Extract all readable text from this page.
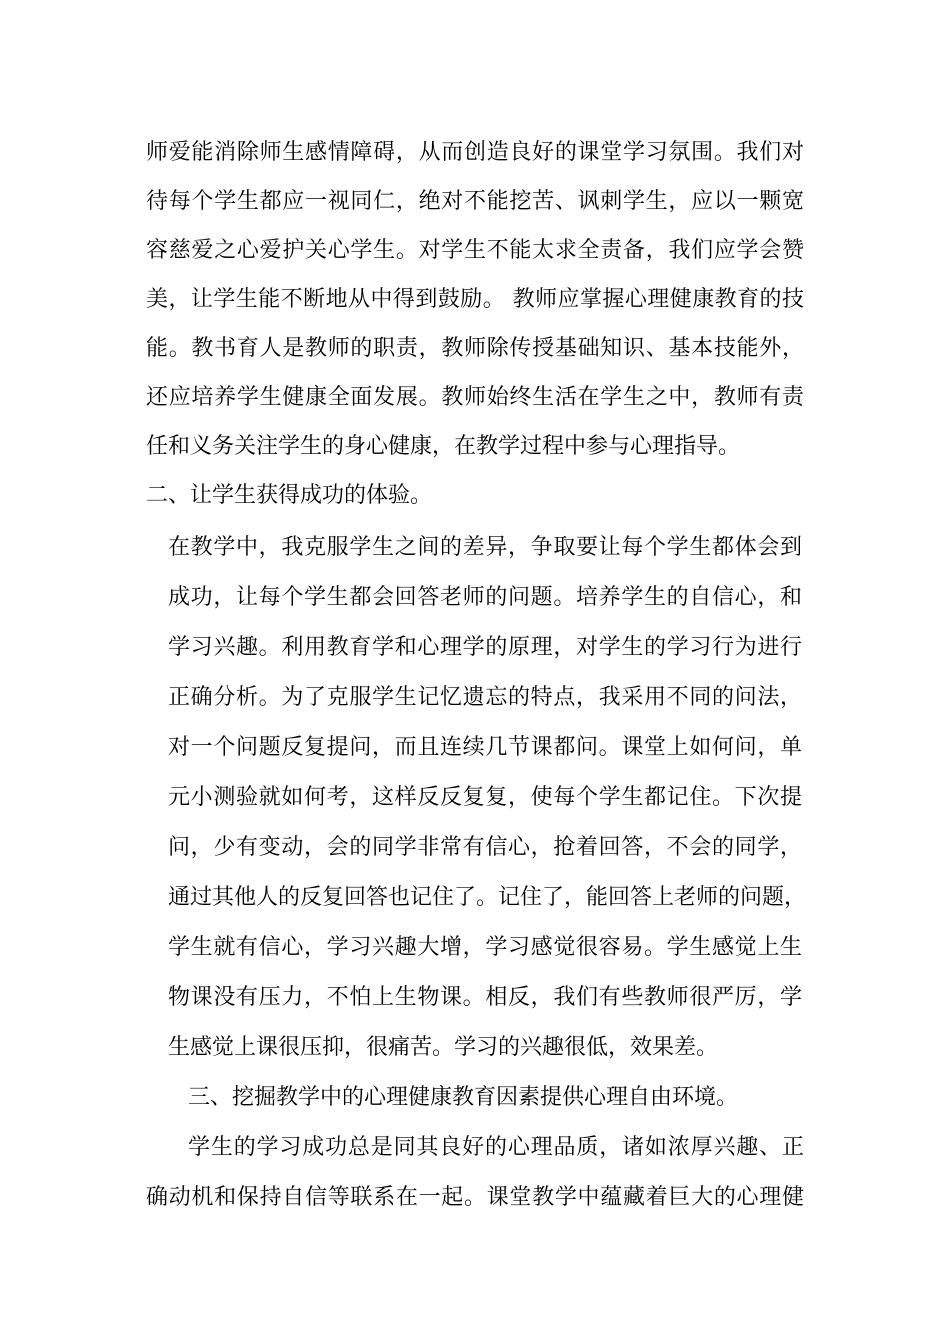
师爱能消除师生感情障碍，从而创造良好的课堂学习氛围。我们对
待每个学生都应一视同仁，绝对不能挖苦、讽刺学生，应以一颗宽
容慈爱之心爱护关心学生。对学生不能太求全责备，我们应学会赞
美，让学生能不断地从中得到鼓励。 教师应掌握心理健康教育的技
能。教书育人是教师的职责，教师除传授基础知识、基本技能外，
还应培养学生健康全面发展。教师始终生活在学生之中，教师有责
任和义务关注学生的身心健康，在教学过程中参与心理指导。
二、让学生获得成功的体验。
在教学中，我克服学生之间的差异，争取要让每个学生都体会到
成功，让每个学生都会回答老师的问题。培养学生的自信心，和
学习兴趣。利用教育学和心理学的原理，对学生的学习行为进行
正确分析。为了克服学生记忆遗忘的特点，我采用不同的问法，
对一个问题反复提问，而且连续几节课都问。课堂上如何问，单
元小测验就如何考，这样反反复复，使每个学生都记住。下次提
问，少有变动，会的同学非常有信心，抢着回答，不会的同学，
通过其他人的反复回答也记住了。记住了，能回答上老师的问题，
学生就有信心，学习兴趣大增，学习感觉很容易。学生感觉上生
物课没有压力，不怕上生物课。相反，我们有些教师很严厉，学
生感觉上课很压抑，很痛苦。学习的兴趣很低，效果差。
三、挖掘教学中的心理健康教育因素提供心理自由环境。
学生的学习成功总是同其良好的心理品质，诸如浓厚兴趣、正
确动机和保持自信等联系在一起。课堂教学中蕴藏着巨大的心理健
